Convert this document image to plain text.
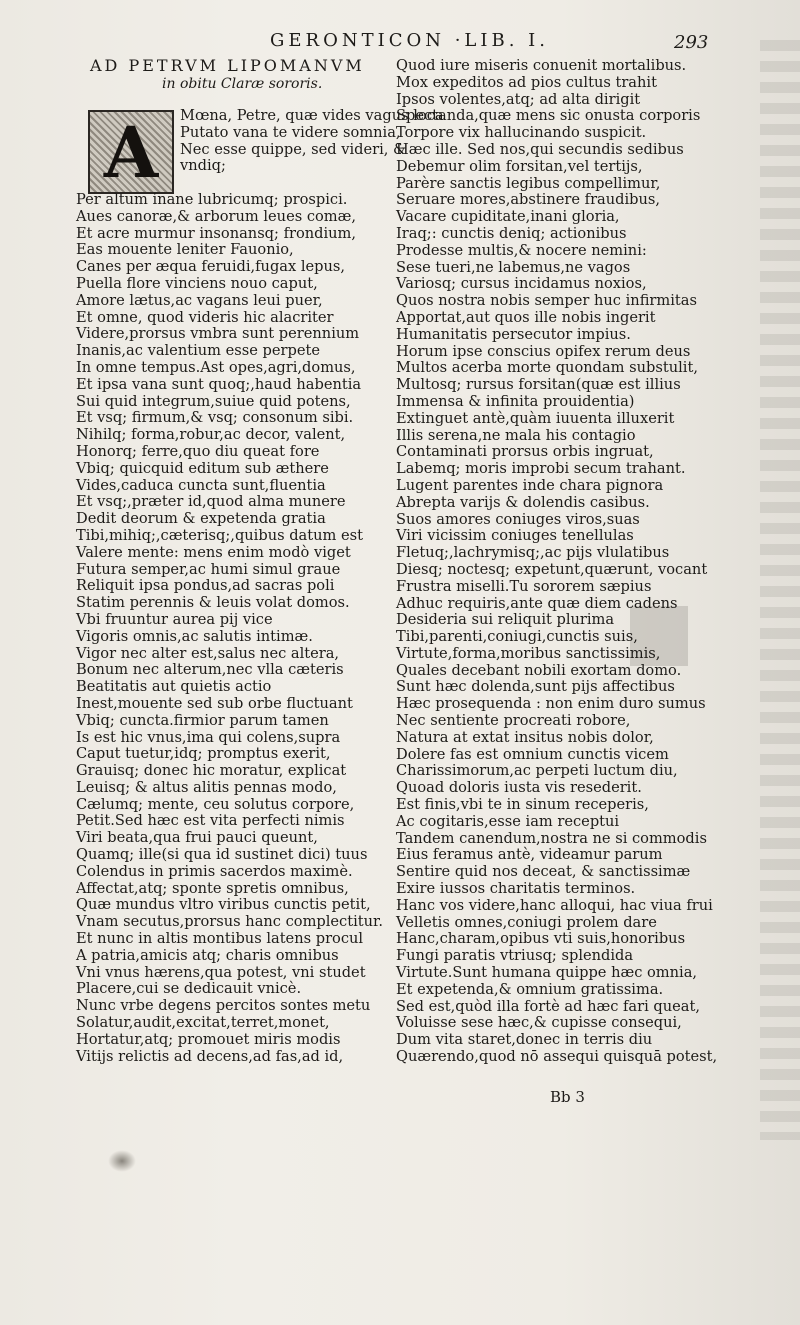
GERONTICON ·LIB. I.	293
AD PETRVM LIPOMANVM
in obitu Claræ sororis.
A	Mœna, Petre, quæ vides vagus loca
Putato vana te videre somnia,
Nec esse quippe, sed videri, &
vndiq;
Per altum inane lubricumq; prospici.
Aues canoræ,& arborum leues comæ,
Et acre murmur insonansq; frondium,
Eas mouente leniter Fauonio,
Canes per æqua feruidi,fugax lepus,
Puella flore vinciens nouo caput,
Amore lætus,ac vagans leui puer,
Et omne, quod videris hic alacriter
Videre,prorsus vmbra sunt perennium
Inanis,ac valentium esse perpete
In omne tempus.Ast opes,agri,domus,
Et ipsa vana sunt quoq;,haud habentia
Sui quid integrum,suiue quid potens,
Et vsq; firmum,& vsq; consonum sibi.
Nihilq; forma,robur,ac decor, valent,
Honorq; ferre,quo diu queat fore
Vbiq; quicquid editum sub æthere
Vides,caduca cuncta sunt,fluentia
Et vsq;,præter id,quod alma munere
Dedit deorum & expetenda gratia
Tibi,mihiq;,cæterisq;,quibus datum est
Valere mente: mens enim modò viget
Futura semper,ac humi simul graue
Reliquit ipsa pondus,ad sacras poli
Statim perennis & leuis volat domos.
Vbi fruuntur aurea pij vice
Vigoris omnis,ac salutis intimæ.
Vigor nec alter est,salus nec altera,
Bonum nec alterum,nec vlla cæteris
Beatitatis aut quietis actio
Inest,mouente sed sub orbe fluctuant
Vbiq; cuncta.firmior parum tamen
Is est hic vnus,ima qui colens,supra
Caput tuetur,idq; promptus exerit,
Grauisq; donec hic moratur, explicat
Leuisq; & altus alitis pennas modo,
Cælumq; mente, ceu solutus corpore,
Petit.Sed hæc est vita perfecti nimis
Viri beata,qua frui pauci queunt,
Quamq; ille(si qua id sustinet dici) tuus
Colendus in primis sacerdos maximè.
Affectat,atq; sponte spretis omnibus,
Quæ mundus vltro viribus cunctis petit,
Vnam secutus,prorsus hanc complectitur.
Et nunc in altis montibus latens procul
A patria,amicis atq; charis omnibus
Vni vnus hærens,qua potest, vni studet
Placere,cui se dedicauit vnicè.
Nunc vrbe degens percitos sontes metu
Solatur,audit,excitat,terret,monet,
Hortatur,atq; promouet miris modis
Vitijs relictis ad decens,ad fas,ad id,
Quod iure miseris conuenit mortalibus.
Mox expeditos ad pios cultus trahit
Ipsos volentes,atq; ad alta dirigit
Spectanda,quæ mens sic onusta corporis
Torpore vix hallucinando suspicit.
Hæc ille. Sed nos,qui secundis sedibus
Debemur olim forsitan,vel tertijs,
Parère sanctis legibus compellimur,
Seruare mores,abstinere fraudibus,
Vacare cupiditate,inani gloria,
Iraq;: cunctis deniq; actionibus
Prodesse multis,& nocere nemini:
Sese tueri,ne labemus,ne vagos
Variosq; cursus incidamus noxios,
Quos nostra nobis semper huc infirmitas
Apportat,aut quos ille nobis ingerit
Humanitatis persecutor impius.
Horum ipse conscius opifex rerum deus
Multos acerba morte quondam substulit,
Multosq; rursus forsitan(quæ est illius
Immensa & infinita prouidentia)
Extinguet antè,quàm iuuenta illuxerit
Illis serena,ne mala his contagio
Contaminati prorsus orbis ingruat,
Labemq; moris improbi secum trahant.
Lugent parentes inde chara pignora
Abrepta varijs & dolendis casibus.
Suos amores coniuges viros,suas
Viri vicissim coniuges tenellulas
Fletuq;,lachrymisq;,ac pijs vlulatibus
Diesq; noctesq; expetunt,quærunt, vocant
Frustra miselli.Tu sororem sæpius
Adhuc requiris,ante quæ diem cadens
Desideria sui reliquit plurima
Tibi,parenti,coniugi,cunctis suis,
Virtute,forma,moribus sanctissimis,
Quales decebant nobili exortam domo.
Sunt hæc dolenda,sunt pijs affectibus
Hæc prosequenda : non enim duro sumus
Nec sentiente procreati robore,
Natura at extat insitus nobis dolor,
Dolere fas est omnium cunctis vicem
Charissimorum,ac perpeti luctum diu,
Quoad doloris iusta vis resederit.
Est finis,vbi te in sinum receperis,
Ac cogitaris,esse iam receptui
Tandem canendum,nostra ne si commodis
Eius feramus antè, videamur parum
Sentire quid nos deceat, & sanctissimæ
Exire iussos charitatis terminos.
Hanc vos videre,hanc alloqui, hac viua frui
Velletis omnes,coniugi prolem dare
Hanc,charam,opibus vti suis,honoribus
Fungi paratis vtriusq; splendida
Virtute.Sunt humana quippe hæc omnia,
Et expetenda,& omnium gratissima.
Sed est,quòd illa fortè ad hæc fari queat,
Voluisse sese hæc,& cupisse consequi,
Dum vita staret,donec in terris diu
Quærendo,quod nō assequi quisquā potest,
Bb 3
